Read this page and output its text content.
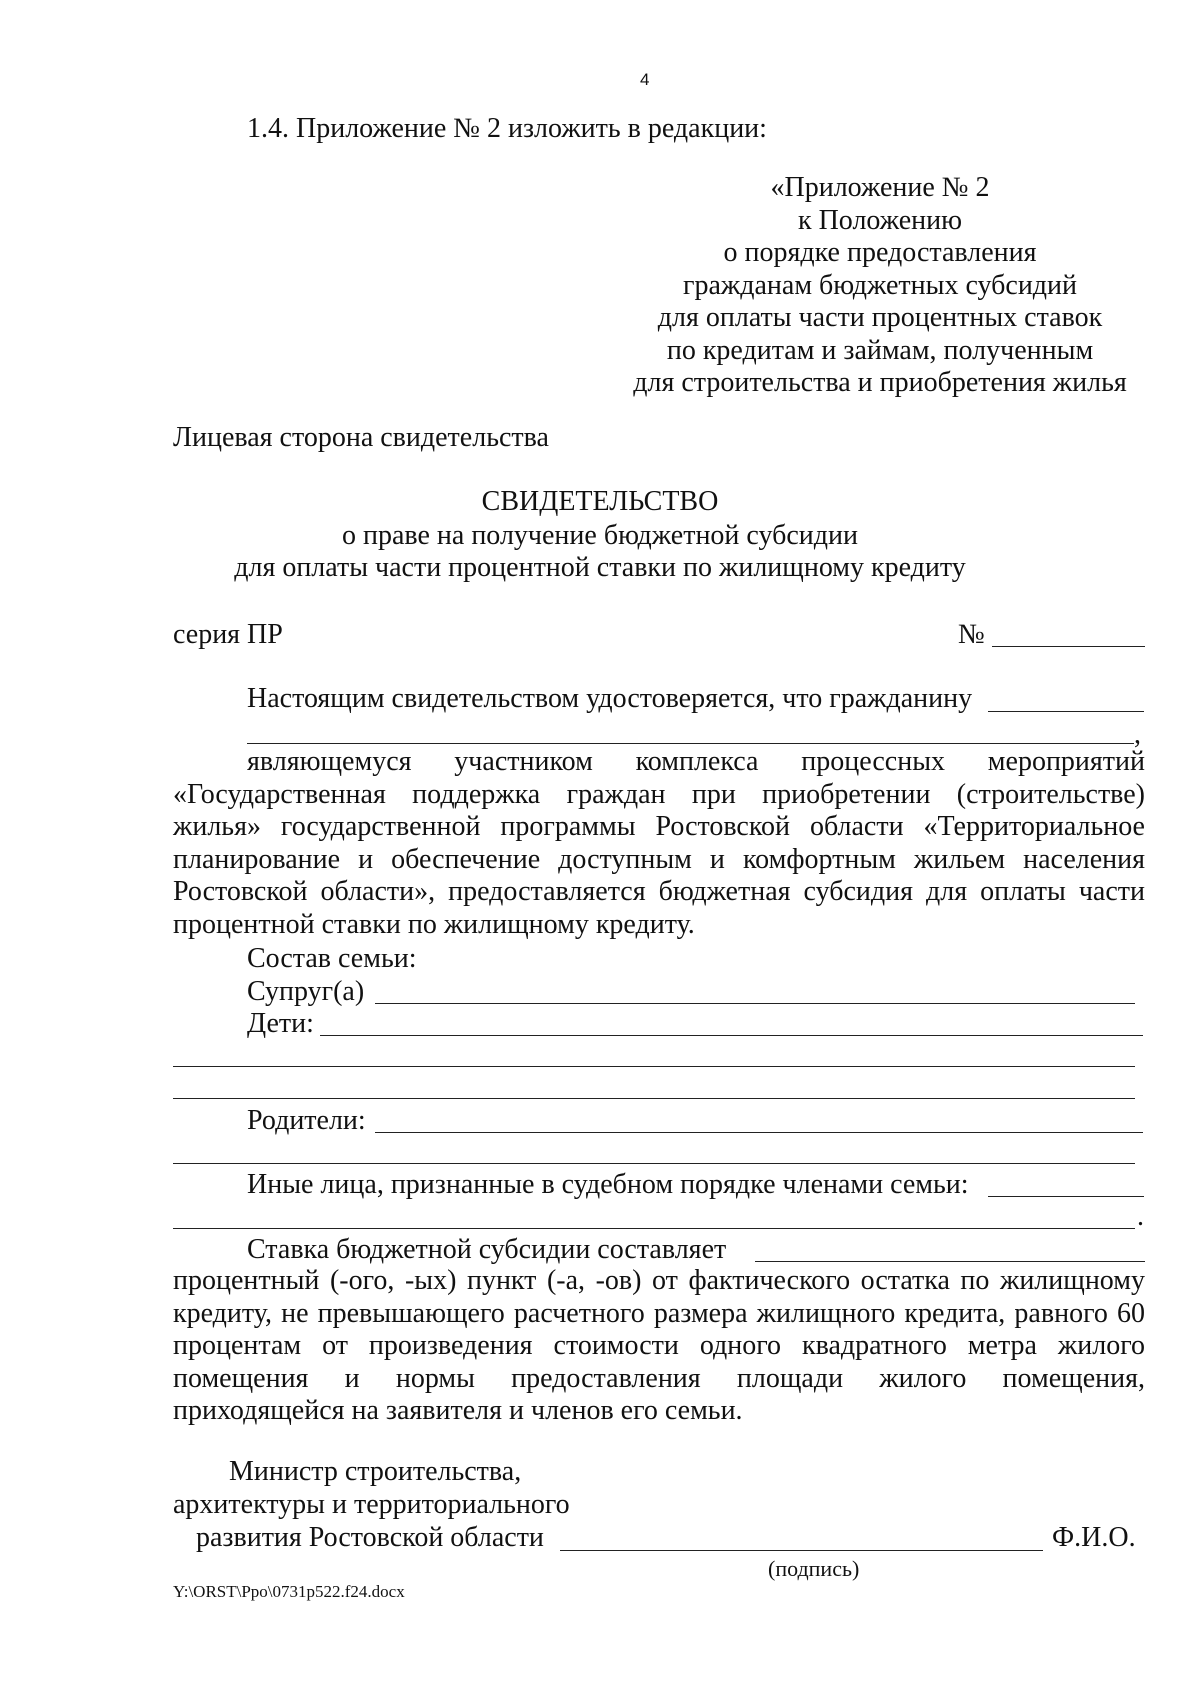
4
1.4. Приложение № 2 изложить в редакции:
«Приложение № 2
к Положению
о порядке предоставления
гражданам бюджетных субсидий
для оплаты части процентных ставок
по кредитам и займам, полученным
для строительства и приобретения жилья
Лицевая сторона свидетельства
СВИДЕТЕЛЬСТВО
о праве на получение бюджетной субсидии
для оплаты части процентной ставки по жилищному кредиту
серия ПР	№
Настоящим свидетельством удостоверяется, что гражданину
,
являющемуся участником комплекса процессных мероприятий
«Государственная поддержка граждан при приобретении (строительстве)
жилья» государственной программы Ростовской области «Территориальное
планирование и обеспечение доступным и комфортным жильем населения
Ростовской области», предоставляется бюджетная субсидия для оплаты части
процентной ставки по жилищному кредиту.
Состав семьи:
Супруг(а)
Дети:
Родители:
Иные лица, признанные в судебном порядке членами семьи:
.
Ставка бюджетной субсидии составляет
процентный (-ого, -ых) пункт (-а, -ов) от фактического остатка по жилищному
кредиту, не превышающего расчетного размера жилищного кредита, равного 60
процентам от произведения стоимости одного квадратного метра жилого
помещения и нормы предоставления площади жилого помещения,
приходящейся на заявителя и членов его семьи.
Министр строительства,
архитектуры и территориального
развития Ростовской области	Ф.И.О.
(подпись)
Y:\ORST\Ppo\0731p522.f24.docx
